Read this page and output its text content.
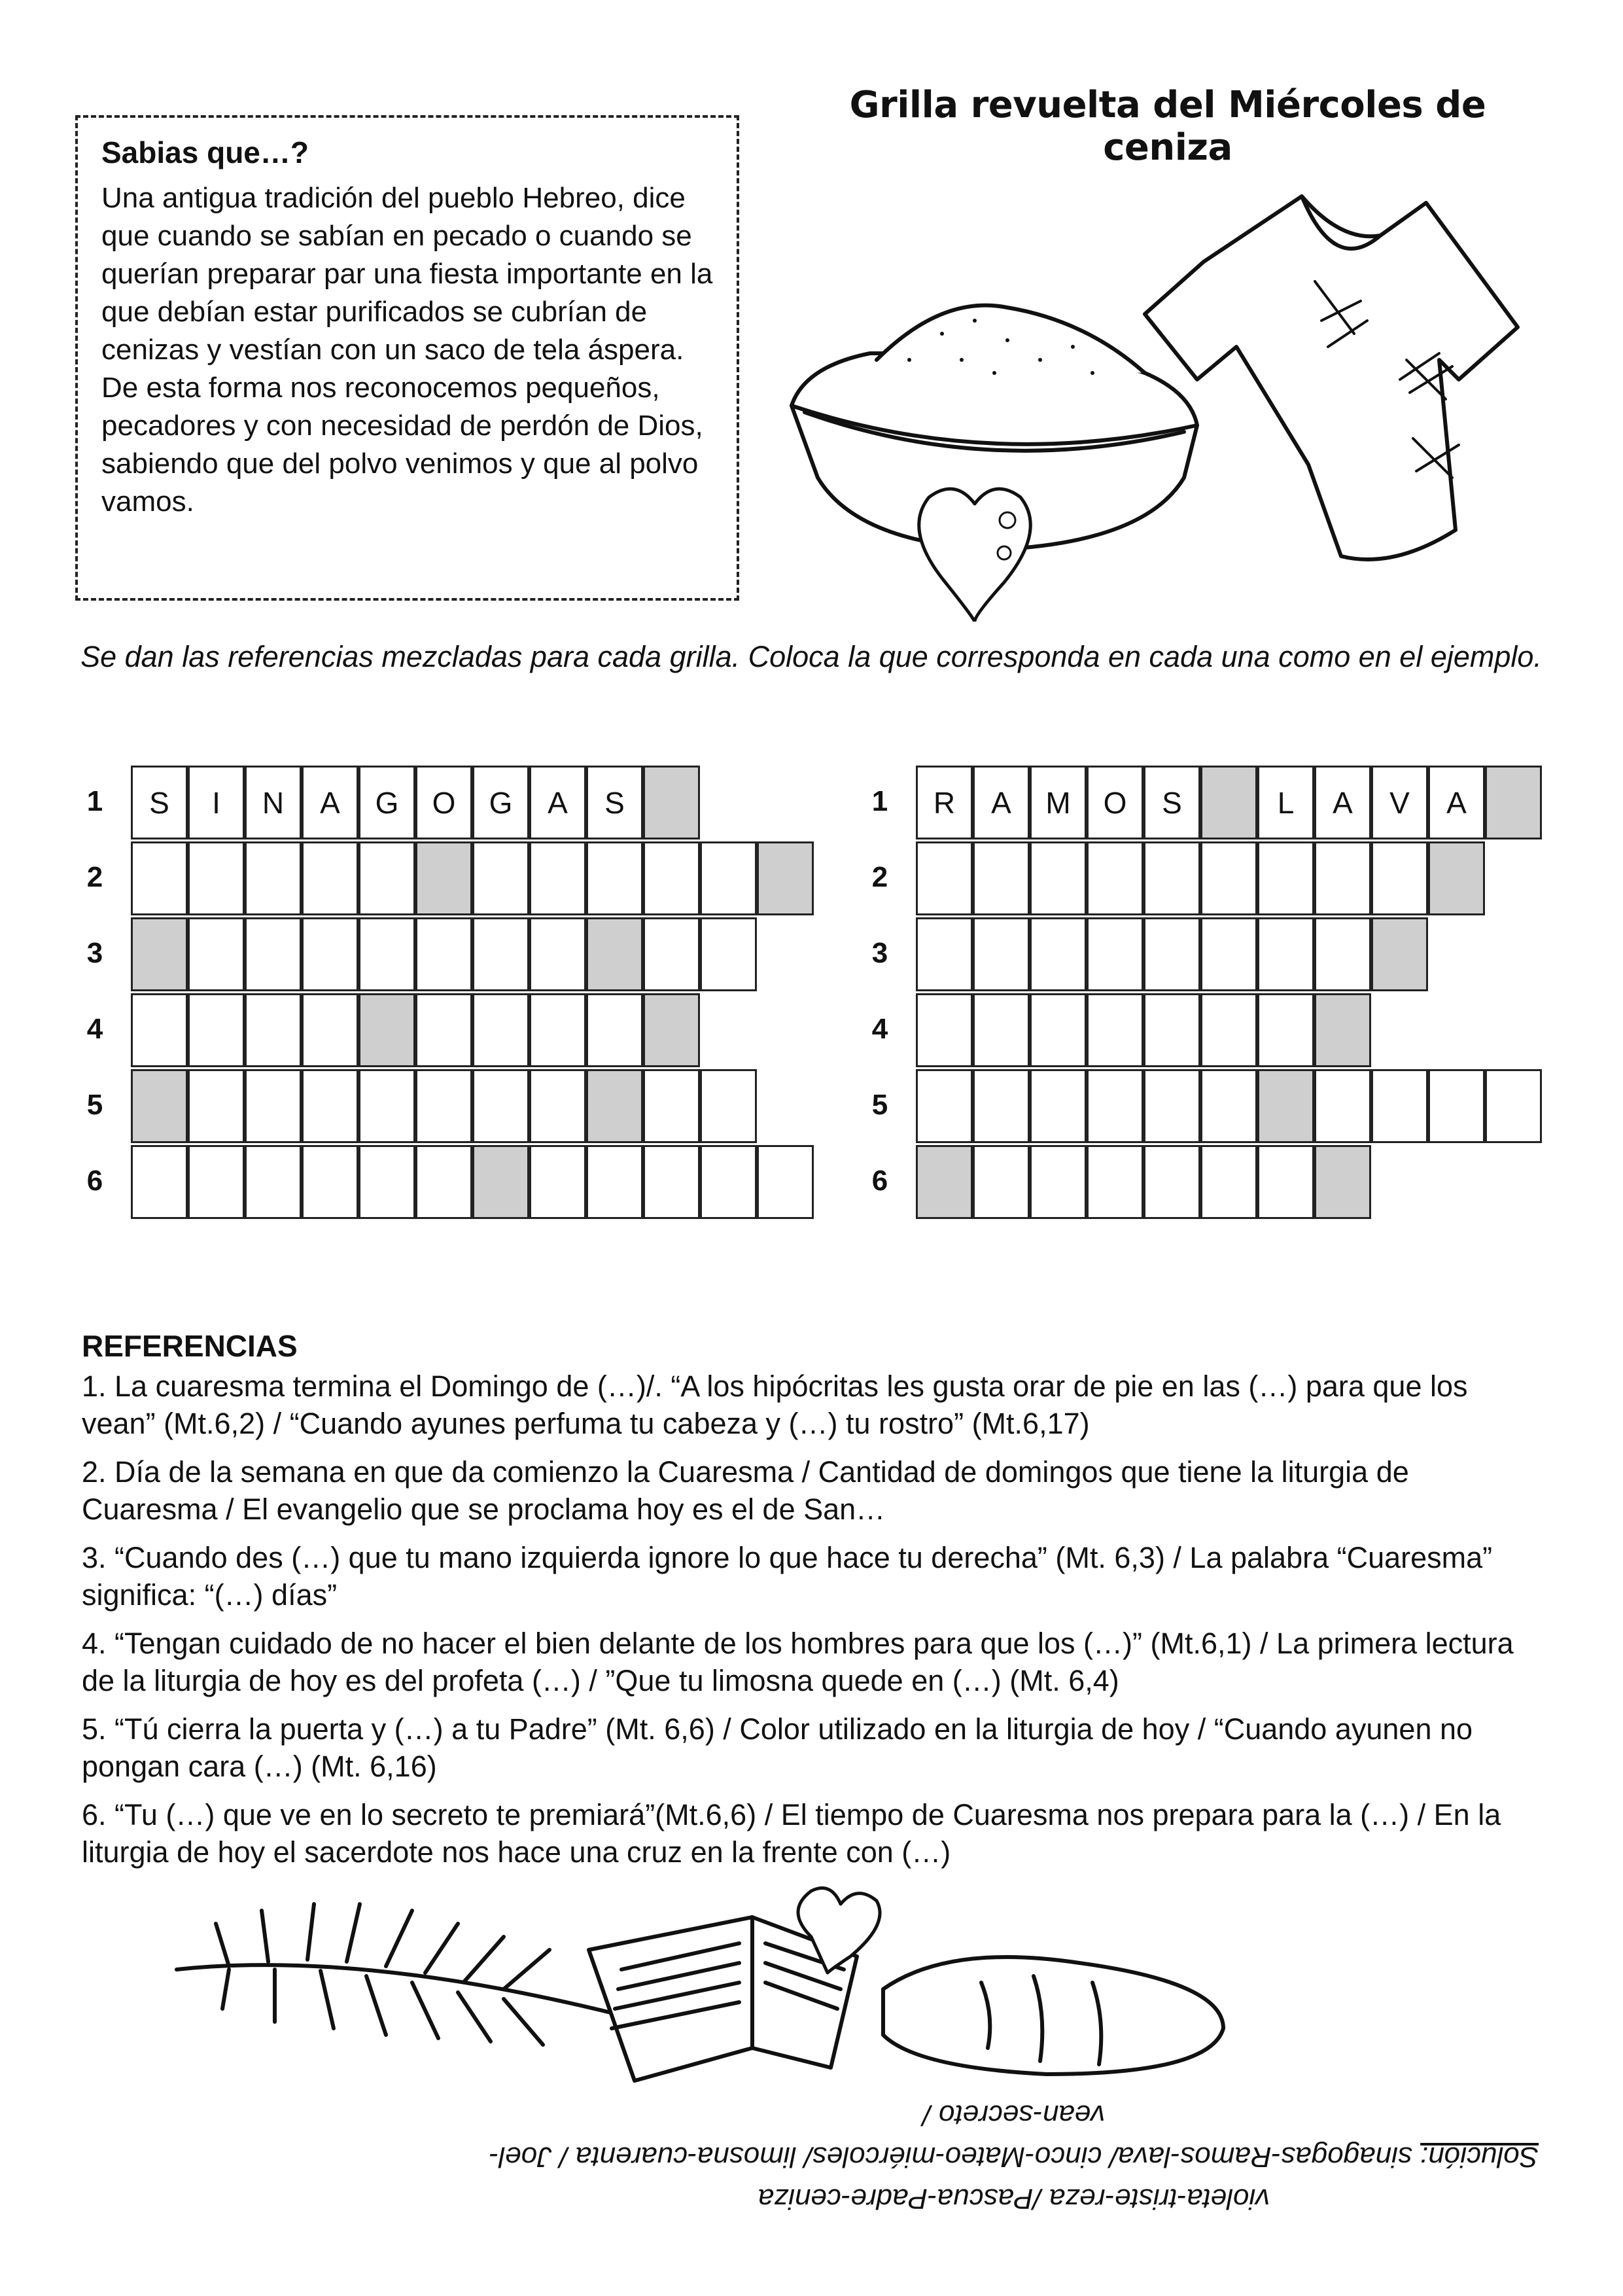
Sabias que…?
Una antigua tradición del pueblo Hebreo, dice que cuando se sabían en pecado o cuando se querían preparar par una fiesta importante en la que debían estar purificados se cubrían de cenizas y vestían con un saco de tela áspera. De esta forma nos reconocemos pequeños, pecadores y con necesidad de perdón de Dios, sabiendo que del polvo venimos y que al polvo vamos.
Grilla revuelta del Miércoles de ceniza
Se dan las referencias mezcladas para cada grilla. Coloca la que corresponda en cada una como en el ejemplo.
1	S	I	N	A	G	O	G	A	S
2
3
4
5
6
1	R	A	M	O	S	L	A	V	A
2
3
4
5
6
REFERENCIAS
1. La cuaresma termina el Domingo de (…)/. “A los hipócritas les gusta orar de pie en las (…) para que los vean” (Mt.6,2) / “Cuando ayunes perfuma tu cabeza y (…) tu rostro” (Mt.6,17)
2. Día de la semana en que da comienzo la Cuaresma / Cantidad de domingos que tiene la liturgia de Cuaresma / El evangelio que se proclama hoy es el de San…
3. “Cuando des (…) que tu mano izquierda ignore lo que hace tu derecha” (Mt. 6,3) / La palabra “Cuaresma” significa: “(…) días”
4. “Tengan cuidado de no hacer el bien delante de los hombres para que los (…)” (Mt.6,1) / La primera lectura de la liturgia de hoy es del profeta (…) / ”Que tu limosna quede en (…) (Mt. 6,4)
5. “Tú cierra la puerta y (…) a tu Padre” (Mt. 6,6) / Color utilizado en la liturgia de hoy / “Cuando ayunen no pongan cara (…) (Mt. 6,16)
6. “Tu (…) que ve en lo secreto te premiará”(Mt.6,6) / El tiempo de Cuaresma nos prepara para la (…) / En la liturgia de hoy el sacerdote nos hace una cruz en la frente con (…)
violeta-triste-reza /Pascua-Padre-ceniza
Solución: sinagogas-Ramos-lava/ cinco-Mateo-miércoles/ limosna-cuarenta / Joel-vean-secreto /
